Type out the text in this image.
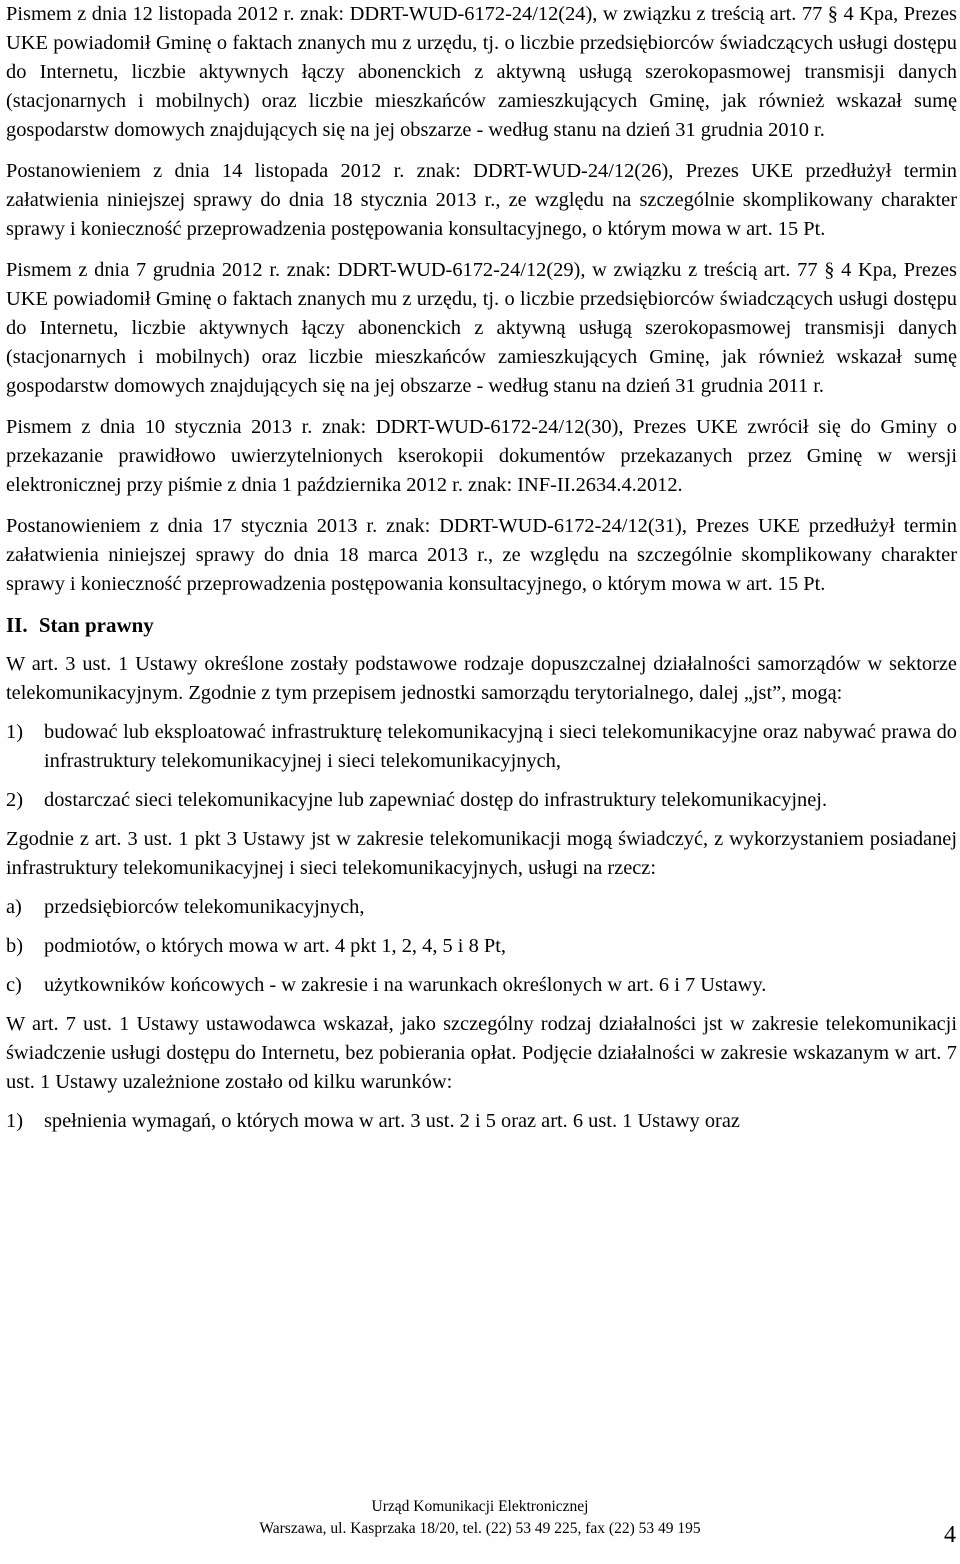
Pismem z dnia 12 listopada 2012 r. znak: DDRT-WUD-6172-24/12(24), w związku z treścią art. 77 § 4 Kpa, Prezes UKE powiadomił Gminę o faktach znanych mu z urzędu, tj. o liczbie przedsiębiorców świadczących usługi dostępu do Internetu, liczbie aktywnych łączy abonenckich z aktywną usługą szerokopasmowej transmisji danych (stacjonarnych i mobilnych) oraz liczbie mieszkańców zamieszkujących Gminę, jak również wskazał sumę gospodarstw domowych znajdujących się na jej obszarze - według stanu na dzień 31 grudnia 2010 r.

Postanowieniem z dnia 14 listopada 2012 r. znak: DDRT-WUD-24/12(26), Prezes UKE przedłużył termin załatwienia niniejszej sprawy do dnia 18 stycznia 2013 r., ze względu na szczególnie skomplikowany charakter sprawy i konieczność przeprowadzenia postępowania konsultacyjnego, o którym mowa w art. 15 Pt.

Pismem z dnia 7 grudnia 2012 r. znak: DDRT-WUD-6172-24/12(29), w związku z treścią art. 77 § 4 Kpa, Prezes UKE powiadomił Gminę o faktach znanych mu z urzędu, tj. o liczbie przedsiębiorców świadczących usługi dostępu do Internetu, liczbie aktywnych łączy abonenckich z aktywną usługą szerokopasmowej transmisji danych (stacjonarnych i mobilnych) oraz liczbie mieszkańców zamieszkujących Gminę, jak również wskazał sumę gospodarstw domowych znajdujących się na jej obszarze - według stanu na dzień 31 grudnia 2011 r.

Pismem z dnia 10 stycznia 2013 r. znak: DDRT-WUD-6172-24/12(30), Prezes UKE zwrócił się do Gminy o przekazanie prawidłowo uwierzytelnionych kserokopii dokumentów przekazanych przez Gminę w wersji elektronicznej przy piśmie z dnia 1 października 2012 r. znak: INF-II.2634.4.2012.

Postanowieniem z dnia 17 stycznia 2013 r. znak: DDRT-WUD-6172-24/12(31), Prezes UKE przedłużył termin załatwienia niniejszej sprawy do dnia 18 marca 2013 r., ze względu na szczególnie skomplikowany charakter sprawy i konieczność przeprowadzenia postępowania konsultacyjnego, o którym mowa w art. 15 Pt.

II. Stan prawny

W art. 3 ust. 1 Ustawy określone zostały podstawowe rodzaje dopuszczalnej działalności samorządów w sektorze telekomunikacyjnym. Zgodnie z tym przepisem jednostki samorządu terytorialnego, dalej „jst”, mogą:

1)	budować lub eksploatować infrastrukturę telekomunikacyjną i sieci telekomunikacyjne oraz nabywać prawa do infrastruktury telekomunikacyjnej i sieci telekomunikacyjnych,
2)	dostarczać sieci telekomunikacyjne lub zapewniać dostęp do infrastruktury telekomunikacyjnej.

Zgodnie z art. 3 ust. 1 pkt 3 Ustawy jst w zakresie telekomunikacji mogą świadczyć, z wykorzystaniem posiadanej infrastruktury telekomunikacyjnej i sieci telekomunikacyjnych, usługi na rzecz:

a)	przedsiębiorców telekomunikacyjnych,
b)	podmiotów, o których mowa w art. 4 pkt 1, 2, 4, 5 i 8 Pt,
c)	użytkowników końcowych - w zakresie i na warunkach określonych w art. 6 i 7 Ustawy.

W art. 7 ust. 1 Ustawy ustawodawca wskazał, jako szczególny rodzaj działalności jst w zakresie telekomunikacji świadczenie usługi dostępu do Internetu, bez pobierania opłat. Podjęcie działalności w zakresie wskazanym w art. 7 ust. 1 Ustawy uzależnione zostało od kilku warunków:

1)	spełnienia wymagań, o których mowa w art. 3 ust. 2 i 5 oraz art. 6 ust. 1 Ustawy oraz
Urząd Komunikacji Elektronicznej
Warszawa, ul. Kasprzaka 18/20, tel. (22) 53 49 225, fax (22) 53 49 195	4
